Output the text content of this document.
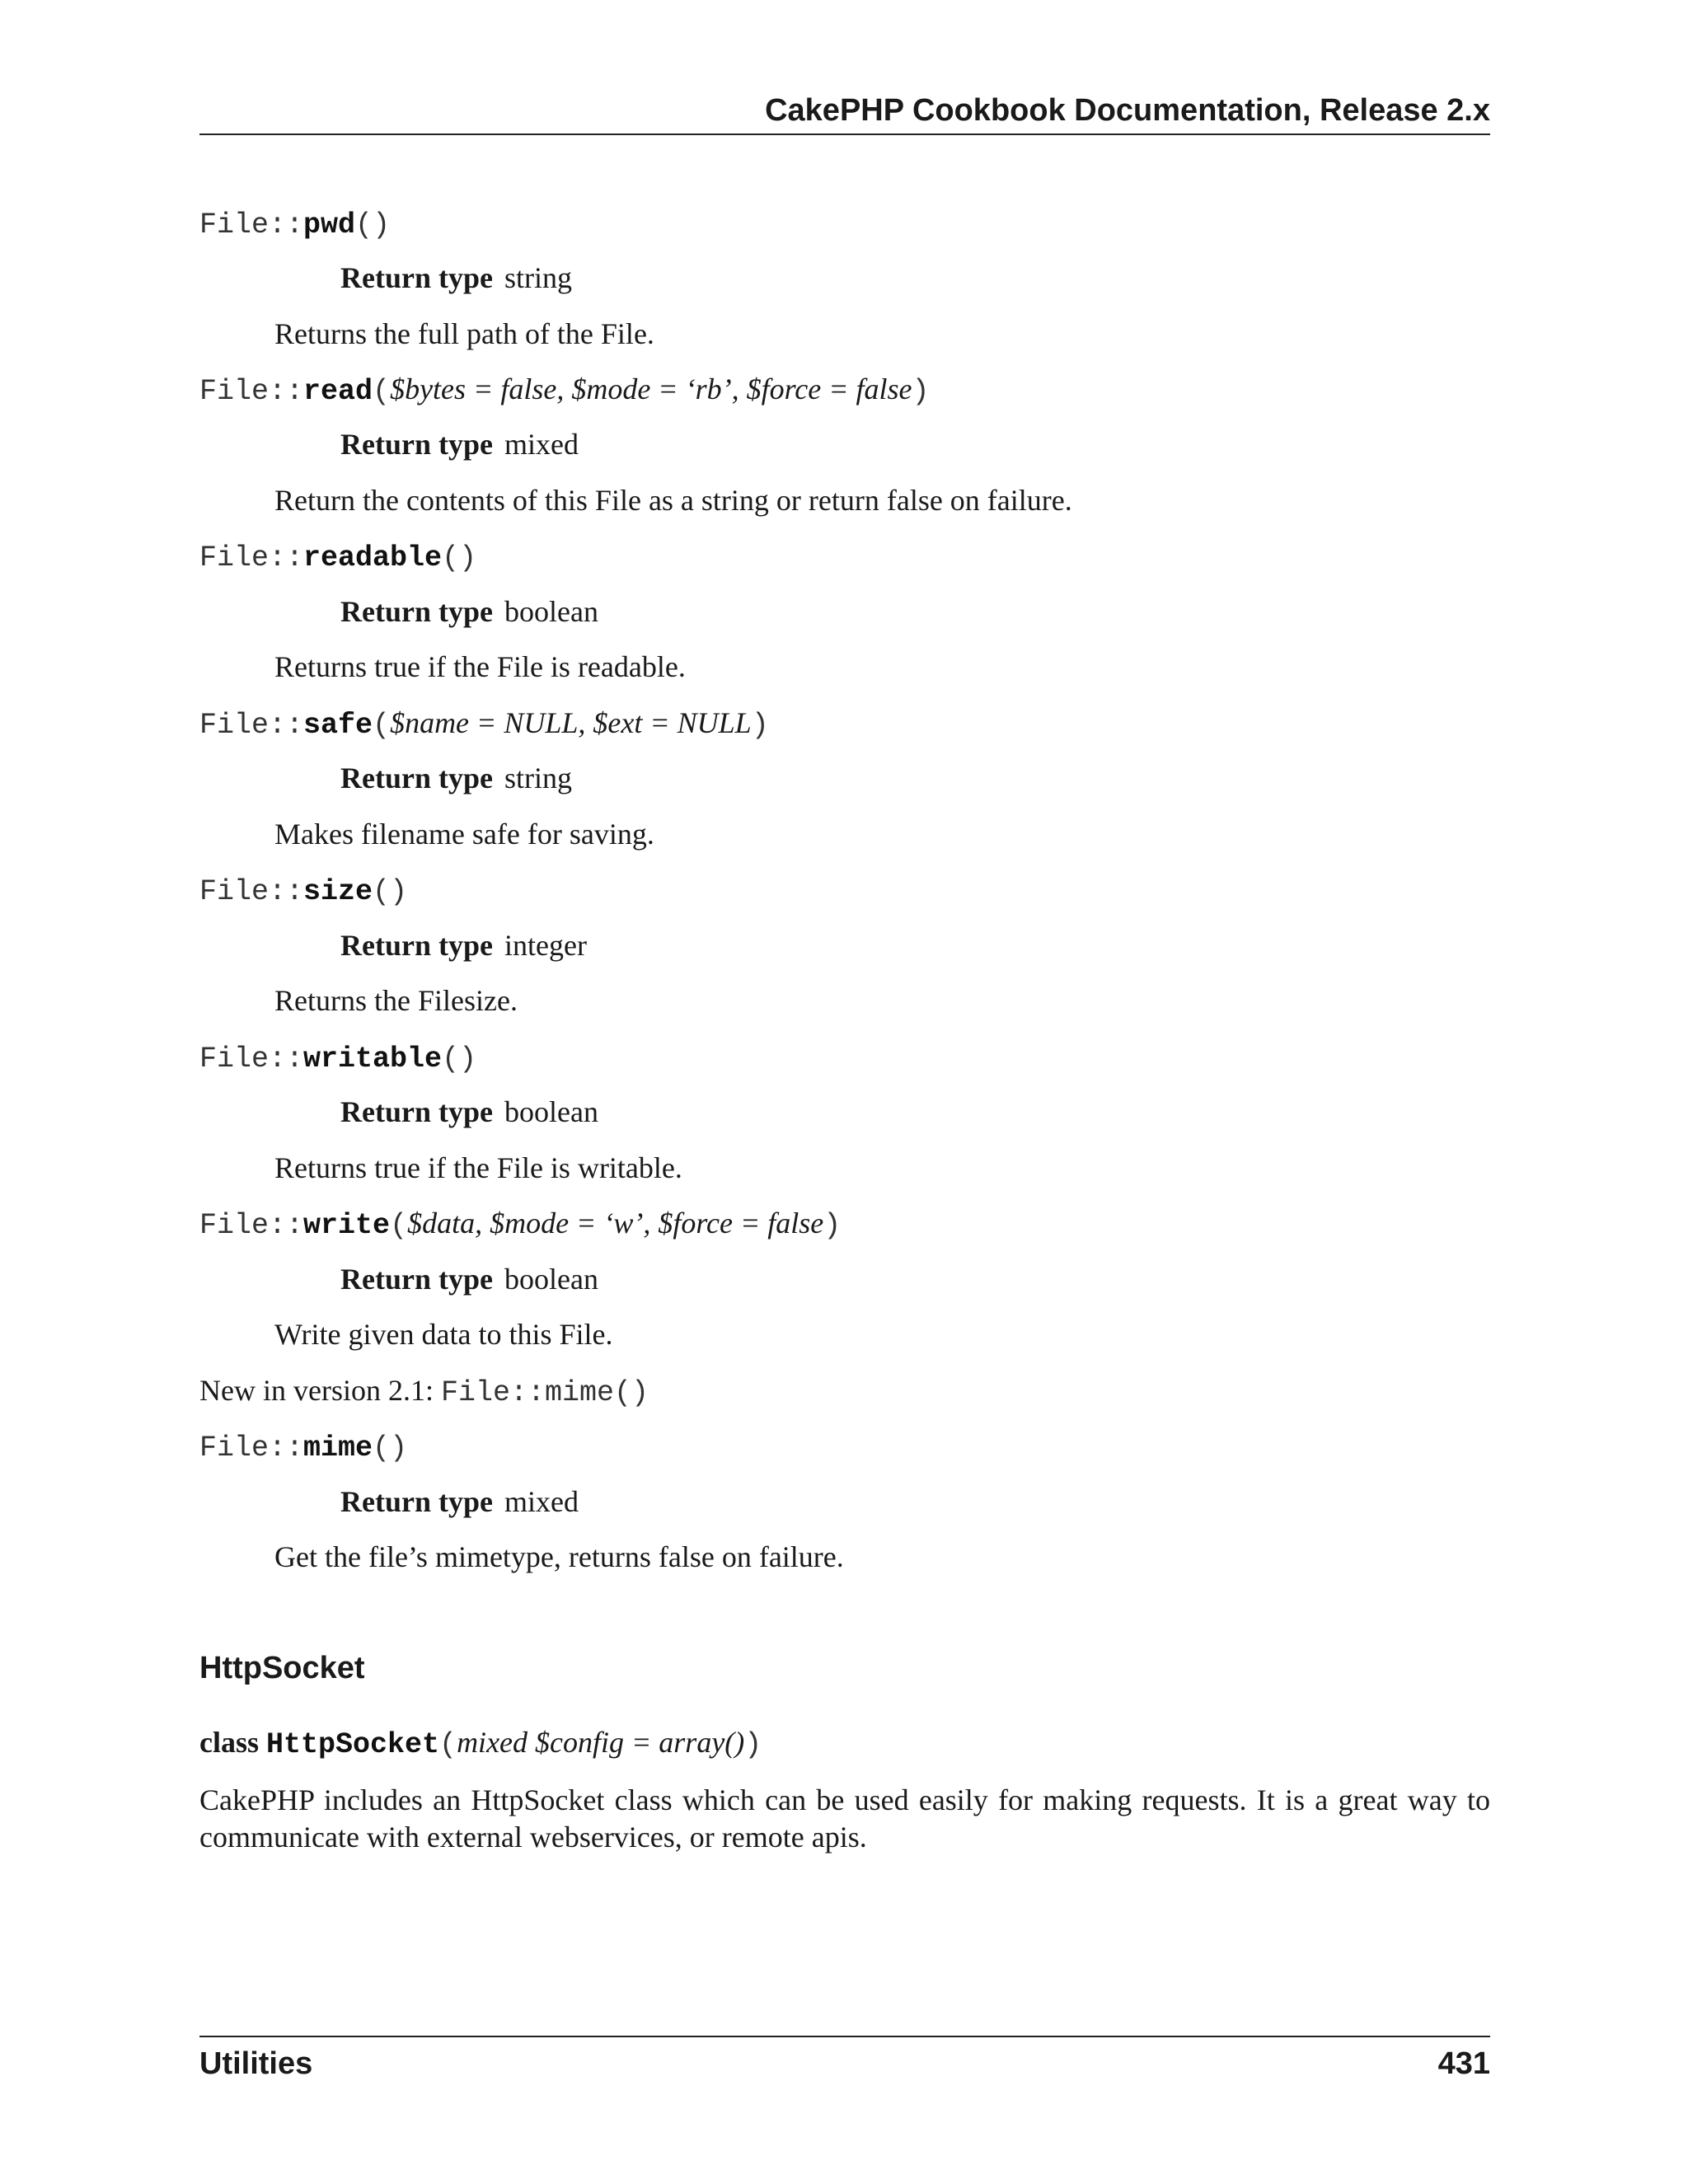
CakePHP Cookbook Documentation, Release 2.x
File::pwd()
Return type string
Returns the full path of the File.
File::read($bytes = false, $mode = ‘rb’, $force = false)
Return type mixed
Return the contents of this File as a string or return false on failure.
File::readable()
Return type boolean
Returns true if the File is readable.
File::safe($name = NULL, $ext = NULL)
Return type string
Makes filename safe for saving.
File::size()
Return type integer
Returns the Filesize.
File::writable()
Return type boolean
Returns true if the File is writable.
File::write($data, $mode = ‘w’, $force = false)
Return type boolean
Write given data to this File.
New in version 2.1: File::mime()
File::mime()
Return type mixed
Get the file’s mimetype, returns false on failure.
HttpSocket
class HttpSocket(mixed $config = array())
CakePHP includes an HttpSocket class which can be used easily for making requests. It is a great way to communicate with external webservices, or remote apis.
Utilities	431
